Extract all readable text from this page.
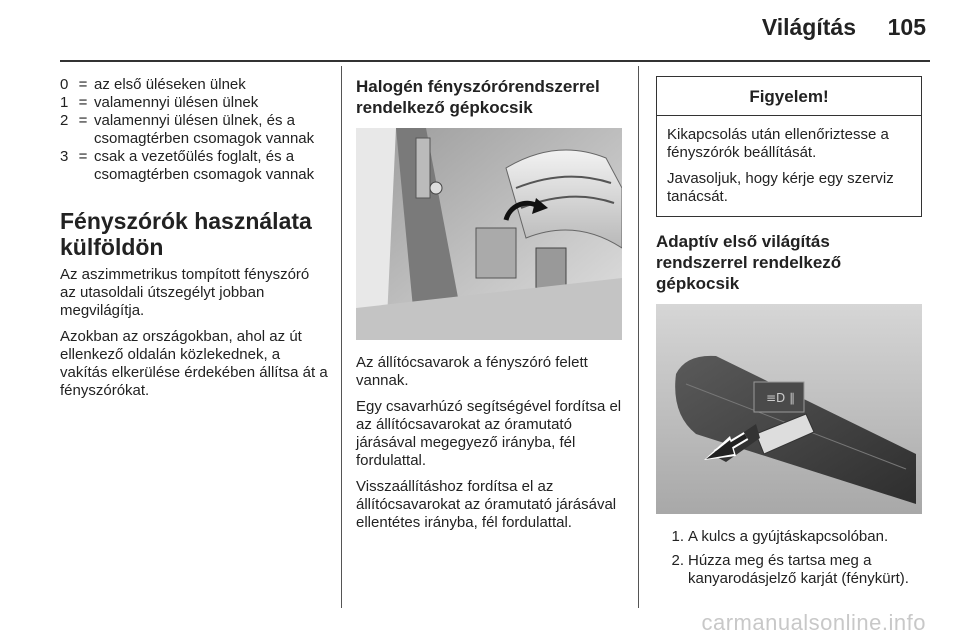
Világítás 105
0 = az első üléseken ülnek
1 = valamennyi ülésen ülnek
2 = valamennyi ülésen ülnek, és a csomagtérben csomagok vannak
3 = csak a vezetőülés foglalt, és a csomagtérben csomagok vannak
Fényszórók használata külföldön

Az aszimmetrikus tompított fényszóró az utasoldali útszegélyt jobban megvilágítja.

Azokban az országokban, ahol az út ellenkező oldalán közlekednek, a vakítás elkerülése érdekében állítsa át a fényszórókat.

Halogén fényszórórendszerrel rendelkező gépkocsik

Az állítócsavarok a fényszóró felett vannak.

Egy csavarhúzó segítségével fordítsa el az állítócsavarokat az óramutató járásával megegyező irányba, fél fordulattal.

Visszaállításhoz fordítsa el az állítócsavarokat az óramutató járásával ellentétes irányba, fél fordulattal.

Figyelem!

Kikapcsolás után ellenőriztesse a fényszórók beállítását.

Javasoljuk, hogy kérje egy szerviz tanácsát.

Adaptív első világítás rendszerrel rendelkező gépkocsik
≡D ∥
1. A kulcs a gyújtáskapcsolóban.
2. Húzza meg és tartsa meg a kanyarodásjelző karját (fénykürt).
carmanualsonline.info
